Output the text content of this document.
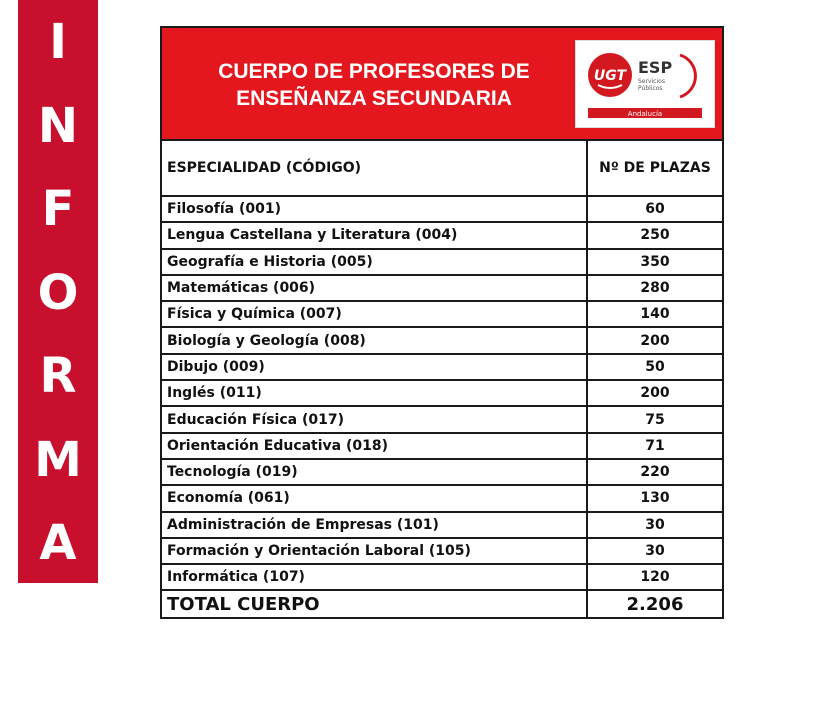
I
N
F
O
R
M
A
CUERPO DE PROFESORES DE
ENSEÑANZA SECUNDARIA
UGT ESP
Servicios
Públicos
Andalucía
ESPECIALIDAD (CÓDIGO)	Nº DE PLAZAS
Filosofía (001)	60
Lengua Castellana y Literatura (004)	250
Geografía e Historia (005)	350
Matemáticas (006)	280
Física y Química (007)	140
Biología y Geología (008)	200
Dibujo (009)	50
Inglés (011)	200
Educación Física (017)	75
Orientación Educativa (018)	71
Tecnología (019)	220
Economía (061)	130
Administración de Empresas (101)	30
Formación y Orientación Laboral (105)	30
Informática (107)	120
TOTAL CUERPO	2.206
